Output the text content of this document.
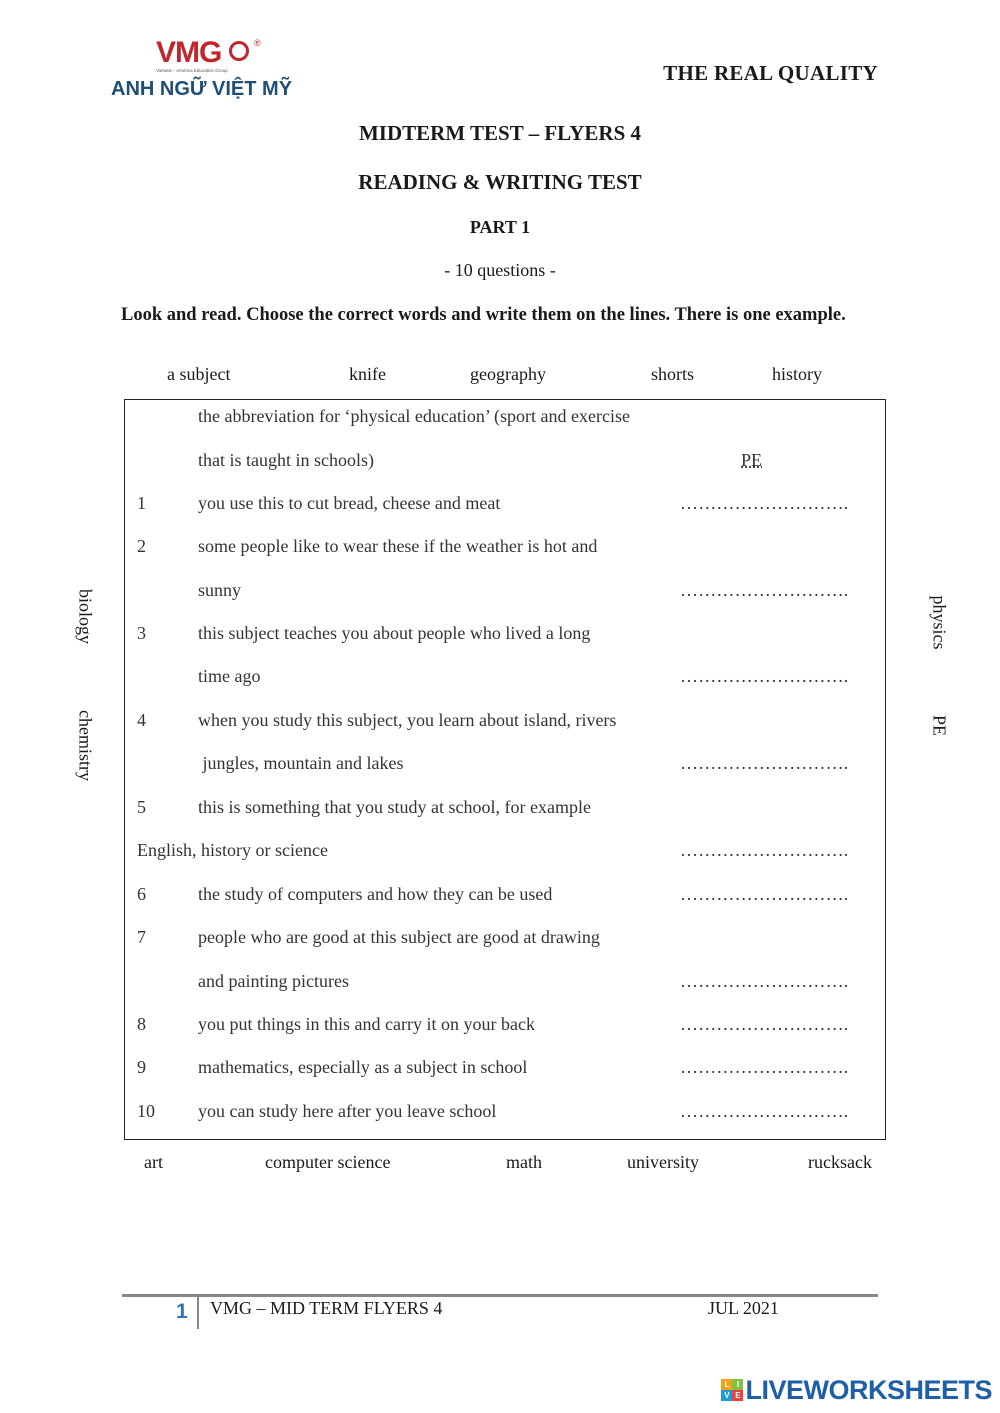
VMG	®
Vietnam - America Education Group
ANH NGỮ VIỆT MỸ
THE REAL QUALITY
MIDTERM TEST – FLYERS 4
READING & WRITING TEST
PART 1
- 10 questions -
Look and read. Choose the correct words and write them on the lines. There is one example.
a subject	knife	geography	shorts	history
biology
chemistry
physics
PE
the abbreviation for ‘physical education’ (sport and exercise
that is taught in schools)	PE
1	you use this to cut bread, cheese and meat	……………………….
2	some people like to wear these if the weather is hot and
sunny	……………………….
3	this subject teaches you about people who lived a long
time ago	……………………….
4	when you study this subject, you learn about island, rivers
jungles, mountain and lakes	……………………….
5	this is something that you study at school, for example
English, history or science	……………………….
6	the study of computers and how they can be used	……………………….
7	people who are good at this subject are good at drawing
and painting pictures	……………………….
8	you put things in this and carry it on your back	……………………….
9	mathematics, especially as a subject in school	……………………….
10 you can study here after you leave school	……………………….
art	computer science	math	university	rucksack
1 VMG – MID TERM FLYERS 4	JUL 2021
L I
V E LIVEWORKSHEETS
